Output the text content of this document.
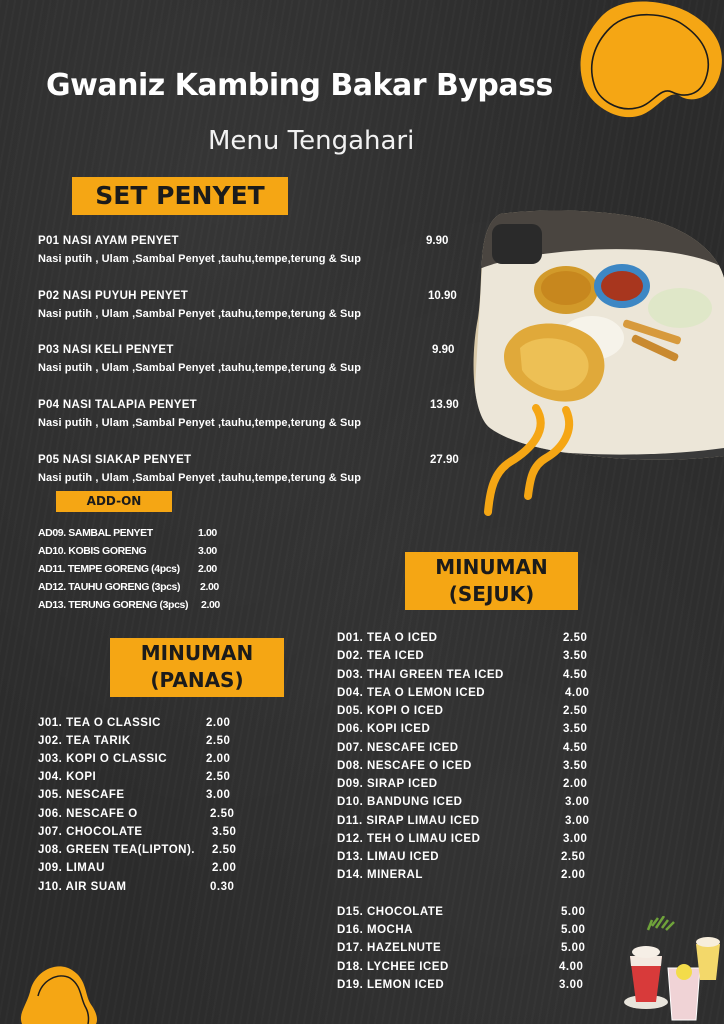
Gwaniz Kambing Bakar Bypass
Menu Tengahari
SET PENYET
P01 NASI AYAM PENYET	9.90
Nasi putih , Ulam ,Sambal Penyet ,tauhu,tempe,terung & Sup
P02 NASI PUYUH PENYET	10.90
Nasi putih , Ulam ,Sambal Penyet ,tauhu,tempe,terung & Sup
P03 NASI KELI PENYET	9.90
Nasi putih , Ulam ,Sambal Penyet ,tauhu,tempe,terung & Sup
P04 NASI TALAPIA PENYET	13.90
Nasi putih , Ulam ,Sambal Penyet ,tauhu,tempe,terung & Sup
P05 NASI SIAKAP PENYET	27.90
Nasi putih , Ulam ,Sambal Penyet ,tauhu,tempe,terung & Sup
ADD-ON
AD09. SAMBAL PENYET	1.00
AD10. KOBIS GORENG	3.00
AD11. TEMPE GORENG (4pcs) 2.00
AD12. TAUHU GORENG (3pcs) 2.00
AD13. TERUNG GORENG (3pcs) 2.00
MINUMAN
(SEJUK)
MINUMAN
(PANAS)
J01. TEA O CLASSIC	2.00
J02. TEA TARIK	2.50
J03. KOPI O CLASSIC	2.00
J04. KOPI	2.50
J05. NESCAFE	3.00
J06. NESCAFE O	2.50
J07. CHOCOLATE	3.50
J08. GREEN TEA(LIPTON). 2.50
J09. LIMAU	2.00
J10. AIR SUAM	0.30
D01. TEA O ICED	2.50
D02. TEA ICED	3.50
D03. THAI GREEN TEA ICED	4.50
D04. TEA O LEMON ICED	4.00
D05. KOPI O ICED	2.50
D06. KOPI ICED	3.50
D07. NESCAFE ICED	4.50
D08. NESCAFE O ICED	3.50
D09. SIRAP ICED	2.00
D10. BANDUNG ICED	3.00
D11. SIRAP LIMAU ICED	3.00
D12. TEH O LIMAU ICED	3.00
D13. LIMAU ICED	2.50
D14. MINERAL	2.00
D15. CHOCOLATE	5.00
D16. MOCHA	5.00
D17. HAZELNUTE	5.00
D18. LYCHEE ICED	4.00
D19. LEMON ICED	3.00
